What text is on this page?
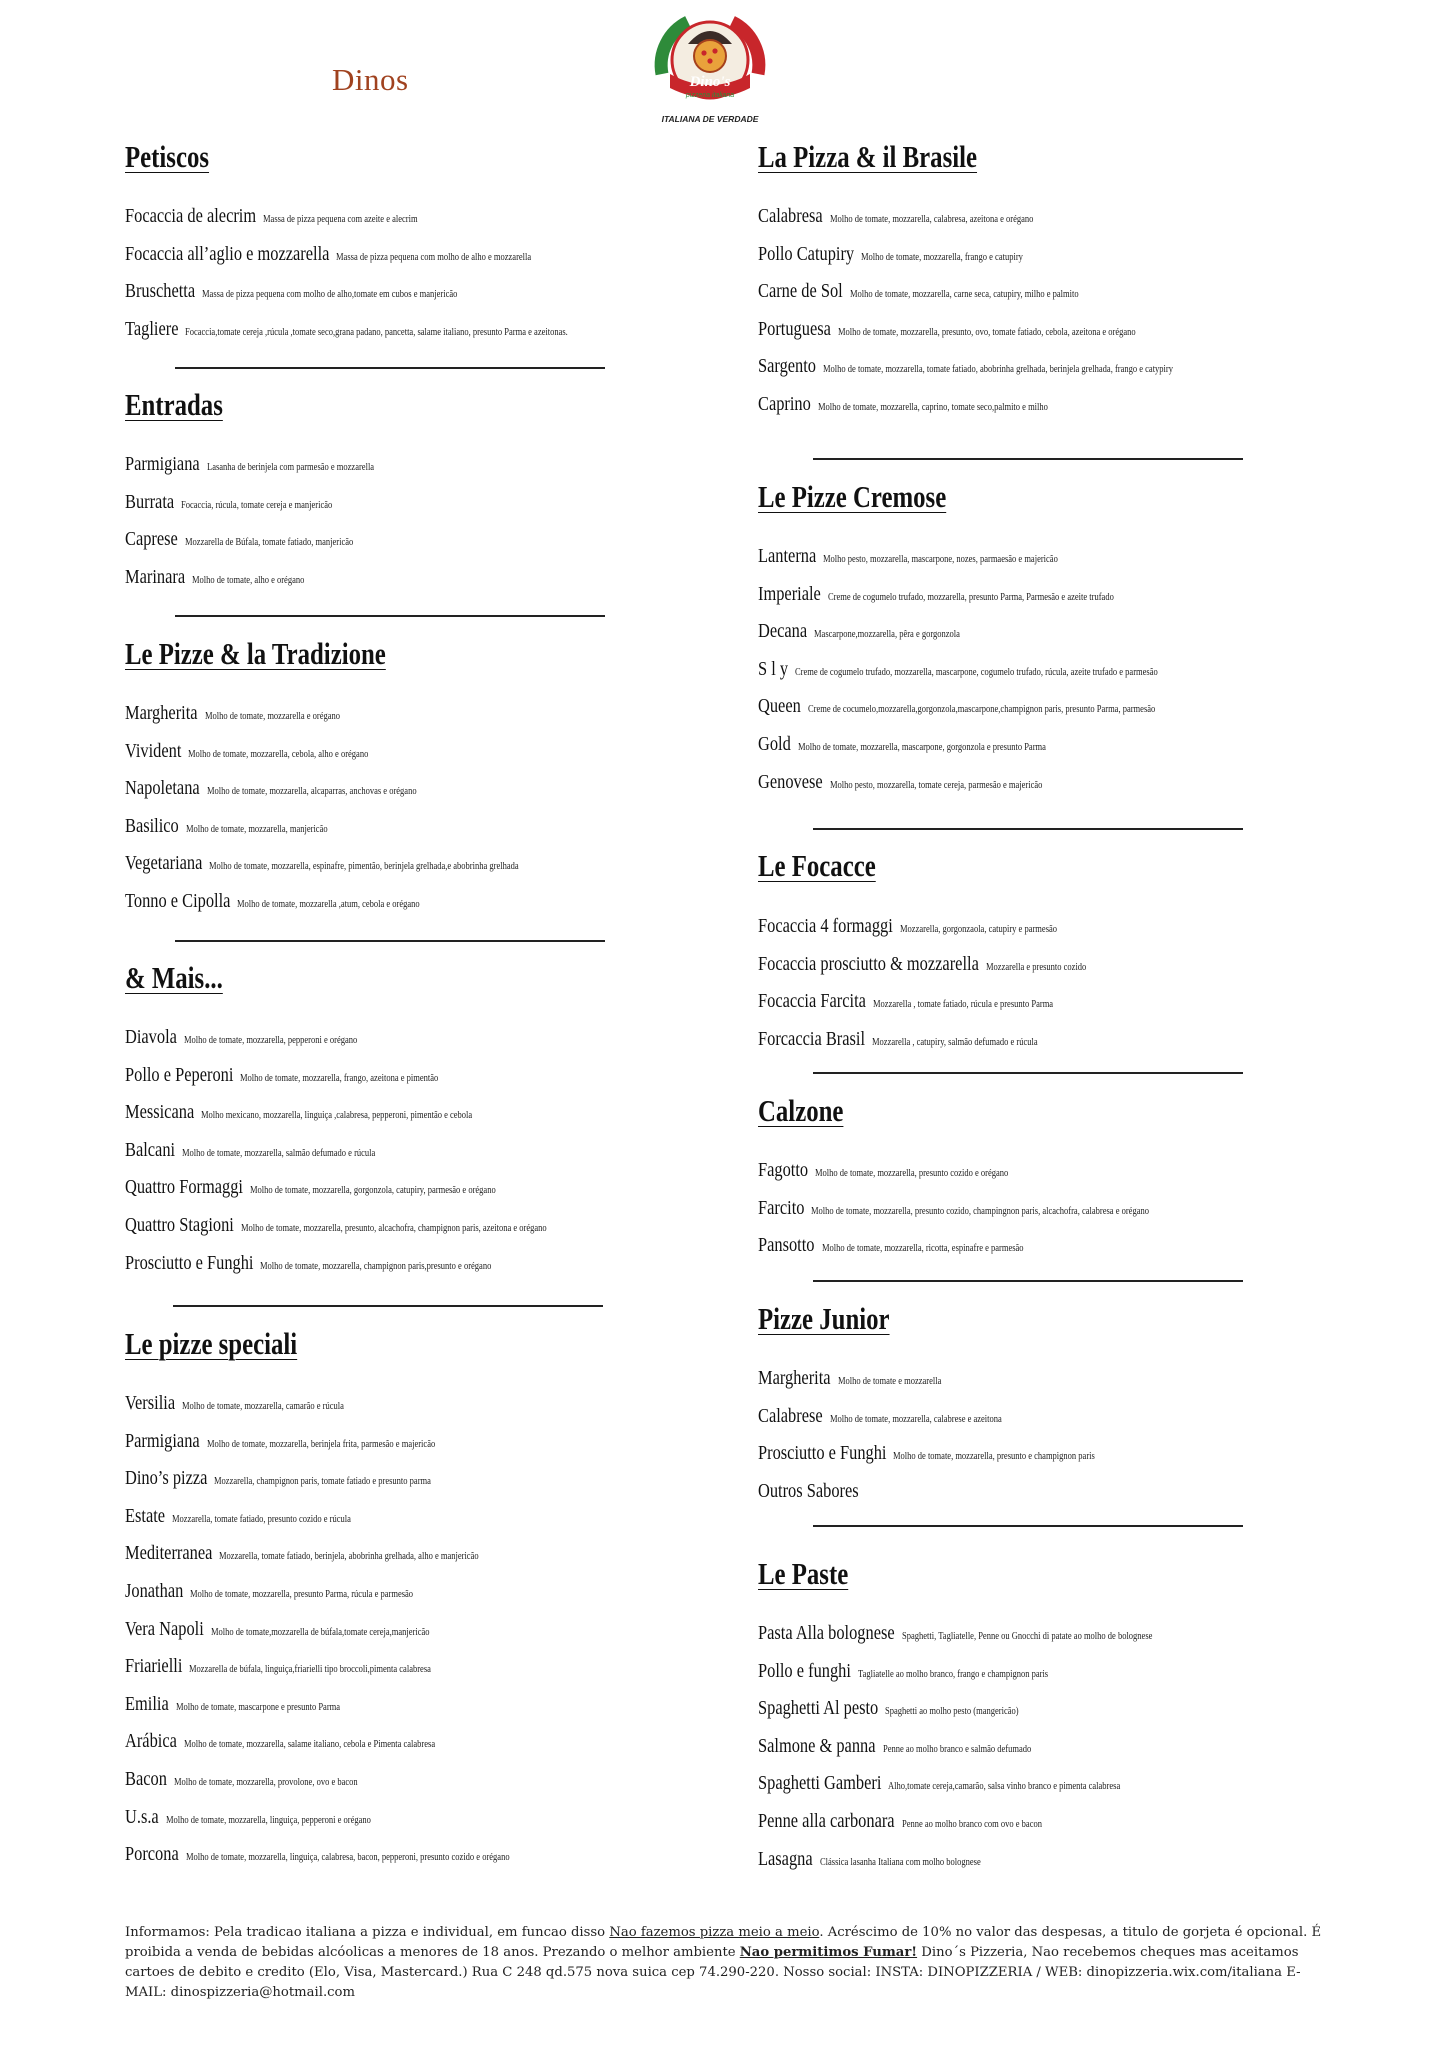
Dinos	Dino's
pizzeria italiana
ITALIANA DE VERDADE
Petiscos
Focaccia de alecrim Massa de pizza pequena com azeite e alecrim
Focaccia all’aglio e mozzarella Massa de pizza pequena com molho de alho e mozzarella
Bruschetta Massa de pizza pequena com molho de alho,tomate em cubos e manjericão
Tagliere Focaccia,tomate cereja ,rúcula ,tomate seco,grana padano, pancetta, salame italiano, presunto Parma e azeitonas.
Entradas
Parmigiana Lasanha de berinjela com parmesão e mozzarella
Burrata Focaccia, rúcula, tomate cereja e manjericão
Caprese Mozzarella de Búfala, tomate fatiado, manjericão
Marinara Molho de tomate, alho e orégano
Le Pizze & la Tradizione
Margherita Molho de tomate, mozzarella e orégano
Vivident Molho de tomate, mozzarella, cebola, alho e orégano
Napoletana Molho de tomate, mozzarella, alcaparras, anchovas e orégano
Basilico Molho de tomate, mozzarella, manjericão
Vegetariana Molho de tomate, mozzarella, espinafre, pimentão, berinjela grelhada,e abobrinha grelhada
Tonno e Cipolla Molho de tomate, mozzarella ,atum, cebola e orégano
& Mais...
Diavola Molho de tomate, mozzarella, pepperoni e orégano
Pollo e Peperoni Molho de tomate, mozzarella, frango, azeitona e pimentão
Messicana Molho mexicano, mozzarella, linguiça ,calabresa, pepperoni, pimentão e cebola
Balcani Molho de tomate, mozzarella, salmão defumado e rúcula
Quattro Formaggi Molho de tomate, mozzarella, gorgonzola, catupiry, parmesão e orégano
Quattro Stagioni Molho de tomate, mozzarella, presunto, alcachofra, champignon paris, azeitona e orégano
Prosciutto e Funghi Molho de tomate, mozzarella, champignon paris,presunto e orégano
Le pizze speciali
Versilia Molho de tomate, mozzarella, camarão e rúcula
Parmigiana Molho de tomate, mozzarella, berinjela frita, parmesão e majericão
Dino’s pizza Mozzarella, champignon paris, tomate fatiado e presunto parma
Estate Mozzarella, tomate fatiado, presunto cozido e rúcula
Mediterranea Mozzarella, tomate fatiado, berinjela, abobrinha grelhada, alho e manjericão
Jonathan Molho de tomate, mozzarella, presunto Parma, rúcula e parmesão
Vera Napoli Molho de tomate,mozzarella de búfala,tomate cereja,manjericão
Friarielli Mozzarella de búfala, linguiça,friarielli tipo broccoli,pimenta calabresa
Emilia Molho de tomate, mascarpone e presunto Parma
Arábica Molho de tomate, mozzarella, salame italiano, cebola e Pimenta calabresa
Bacon Molho de tomate, mozzarella, provolone, ovo e bacon
U.s.a Molho de tomate, mozzarella, linguiça, pepperoni e orégano
Porcona Molho de tomate, mozzarella, linguiça, calabresa, bacon, pepperoni, presunto cozido e orégano
La Pizza & il Brasile
Calabresa Molho de tomate, mozzarella, calabresa, azeitona e orégano
Pollo Catupiry Molho de tomate, mozzarella, frango e catupiry
Carne de Sol Molho de tomate, mozzarella, carne seca, catupiry, milho e palmito
Portuguesa Molho de tomate, mozzarella, presunto, ovo, tomate fatiado, cebola, azeitona e orégano
Sargento Molho de tomate, mozzarella, tomate fatiado, abobrinha grelhada, berinjela grelhada, frango e catypiry
Caprino Molho de tomate, mozzarella, caprino, tomate seco,palmito e milho
Le Pizze Cremose
Lanterna Molho pesto, mozzarella, mascarpone, nozes, parmaesão e majericão
Imperiale Creme de cogumelo trufado, mozzarella, presunto Parma, Parmesão e azeite trufado
Decana Mascarpone,mozzarella, pêra e gorgonzola
S l y Creme de cogumelo trufado, mozzarella, mascarpone, cogumelo trufado, rúcula, azeite trufado e parmesão
Queen Creme de cocumelo,mozzarella,gorgonzola,mascarpone,champignon paris, presunto Parma, parmesão
Gold Molho de tomate, mozzarella, mascarpone, gorgonzola e presunto Parma
Genovese Molho pesto, mozzarella, tomate cereja, parmesão e majericão
Le Focacce
Focaccia 4 formaggi Mozzarella, gorgonzaola, catupiry e parmesão
Focaccia prosciutto & mozzarella Mozzarella e presunto cozido
Focaccia Farcita Mozzarella , tomate fatiado, rúcula e presunto Parma
Forcaccia Brasil Mozzarella , catupiry, salmão defumado e rúcula
Calzone
Fagotto Molho de tomate, mozzarella, presunto cozido e orégano
Farcito Molho de tomate, mozzarella, presunto cozido, champingnon paris, alcachofra, calabresa e orégano
Pansotto Molho de tomate, mozzarella, ricotta, espinafre e parmesão
Pizze Junior
Margherita Molho de tomate e mozzarella
Calabrese Molho de tomate, mozzarella, calabrese e azeitona
Prosciutto e Funghi Molho de tomate, mozzarella, presunto e champignon paris
Outros Sabores
Le Paste
Pasta Alla bolognese Spaghetti, Tagliatelle, Penne ou Gnocchi di patate ao molho de bolognese
Pollo e funghi Tagliatelle ao molho branco, frango e champignon paris
Spaghetti Al pesto Spaghetti ao molho pesto (mangericão)
Salmone & panna Penne ao molho branco e salmão defumado
Spaghetti Gamberi Alho,tomate cereja,camarão, salsa vinho branco e pimenta calabresa
Penne alla carbonara Penne ao molho branco com ovo e bacon
Lasagna Clássica lasanha Italiana com molho bolognese
Informamos: Pela tradicao italiana a pizza e individual, em funcao disso Nao fazemos pizza meio a meio. Acréscimo de 10% no valor das despesas, a titulo de gorjeta é opcional. É proibida a venda de bebidas alcóolicas a menores de 18 anos. Prezando o melhor ambiente Nao permitimos Fumar! Dino´s Pizzeria, Nao recebemos cheques mas aceitamos cartoes de debito e credito (Elo, Visa, Mastercard.) Rua C 248 qd.575 nova suica cep 74.290-220. Nosso social: INSTA: DINOPIZZERIA / WEB: dinopizzeria.wix.com/italiana E-MAIL: dinospizzeria@hotmail.com
